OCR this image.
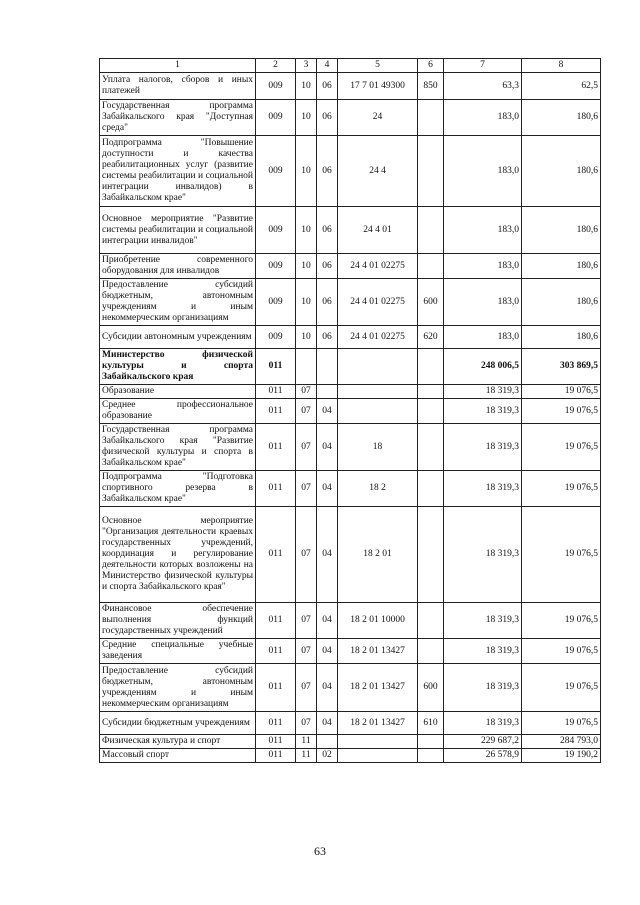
1	2	3	4	5	6	7	8
Уплата налогов, сборов и иных платежей	009	10	06	17 7 01 49300	850	63,3	62,5
Государственная программа Забайкальского края "Доступная среда"	009	10	06	24		183,0	180,6
Подпрограмма "Повышение доступности и качества реабилитационных услуг (развитие системы реабилитации и социальной интеграции инвалидов) в Забайкальском крае"	009	10	06	24 4		183,0	180,6
Основное мероприятие "Развитие системы реабилитации и социальной интеграции инвалидов"	009	10	06	24 4 01		183,0	180,6
Приобретение современного оборудования для инвалидов	009	10	06	24 4 01 02275		183,0	180,6
Предоставление субсидий бюджетным, автономным учреждениям и иным некоммерческим организациям	009	10	06	24 4 01 02275	600	183,0	180,6
Субсидии автономным учреждениям	009	10	06	24 4 01 02275	620	183,0	180,6
Министерство физической культуры и спорта Забайкальского края	011					248 006,5	303 869,5
Образование	011	07				18 319,3	19 076,5
Среднее профессиональное образование	011	07	04			18 319,3	19 076,5
Государственная программа Забайкальского края "Развитие физической культуры и спорта в Забайкальском крае"	011	07	04	18		18 319,3	19 076,5
Подпрограмма "Подготовка спортивного резерва в Забайкальском крае"	011	07	04	18 2		18 319,3	19 076,5
Основное мероприятие "Организация деятельности краевых государственных учреждений, координация и регулирование деятельности которых возложены на Министерство физической культуры и спорта Забайкальского края"	011	07	04	18 2 01		18 319,3	19 076,5
Финансовое обеспечение выполнения функций государственных учреждений	011	07	04	18 2 01 10000		18 319,3	19 076,5
Средние специальные учебные заведения	011	07	04	18 2 01 13427		18 319,3	19 076,5
Предоставление субсидий бюджетным, автономным учреждениям и иным некоммерческим организациям	011	07	04	18 2 01 13427	600	18 319,3	19 076,5
Субсидии бюджетным учреждениям	011	07	04	18 2 01 13427	610	18 319,3	19 076,5
Физическая культура и спорт	011	11				229 687,2	284 793,0
Массовый спорт	011	11	02			26 578,9	19 190,2
63
